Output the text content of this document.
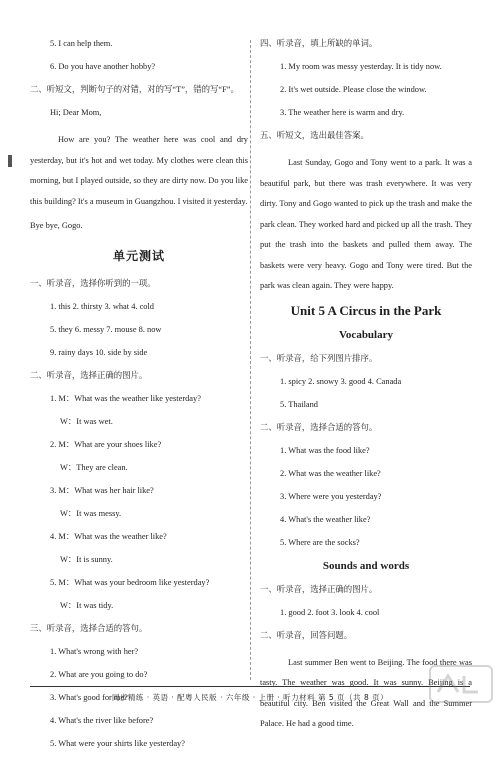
5. I can help them.
6. Do you have another hobby?
二、听短文，判断句子的对错，对的写“T”，错的写“F”。
Hi; Dear Mom,
How are you? The weather here was cool and dry yesterday, but it's hot and wet today. My clothes were clean this morning, but I played outside, so they are dirty now. Do you like this building? It's a museum in Guangzhou. I visited it yesterday.
Bye bye, Gogo.
单元测试
一、听录音，选择你听到的一项。
1. this 2. thirsty 3. what 4. cold
5. they 6. messy 7. mouse 8. now
9. rainy days 10. side by side
二、听录音，选择正确的图片。
1. M：What was the weather like yesterday?
W：It was wet.
2. M：What are your shoes like?
W：They are clean.
3. M：What was her hair like?
W：It was messy.
4. M：What was the weather like?
W：It is sunny.
5. M：What was your bedroom like yesterday?
W：It was tidy.
三、听录音，选择合适的答句。
1. What's wrong with her?
2. What are you going to do?
3. What's good for me?
4. What's the river like before?
5. What were your shirts like yesterday?
四、听录音，填上所缺的单词。
1. My room was messy yesterday. It is tidy now.
2. It's wet outside. Please close the window.
3. The weather here is warm and dry.
五、听短文，选出最佳答案。
Last Sunday, Gogo and Tony went to a park. It was a beautiful park, but there was trash everywhere. It was very dirty. Tony and Gogo wanted to pick up the trash and make the park clean. They worked hard and picked up all the trash. They put the trash into the baskets and pulled them away. The baskets were very heavy. Gogo and Tony were tired. But the park was clean again. They were happy.
Unit 5 A Circus in the Park
Vocabulary
一、听录音，给下列图片排序。
1. spicy 2. snowy 3. good 4. Canada
5. Thailand
二、听录音，选择合适的答句。
1. What was the food like?
2. What was the weather like?
3. Where were you yesterday?
4. What's the weather like?
5. Where are the socks?
Sounds and words
一、听录音，选择正确的图片。
1. good 2. foot 3. look 4. cool
二、听录音，回答问题。
Last summer Ben went to Beijing. The food there was tasty. The weather was good. It was sunny. Beijing is a beautiful city. Ben visited the Great Wall and the Summer Palace. He had a good time.
同步精练 · 英语 · 配粤人民版 · 六年级 · 上册 · 听力材料 第 5 页（共 8 页）
